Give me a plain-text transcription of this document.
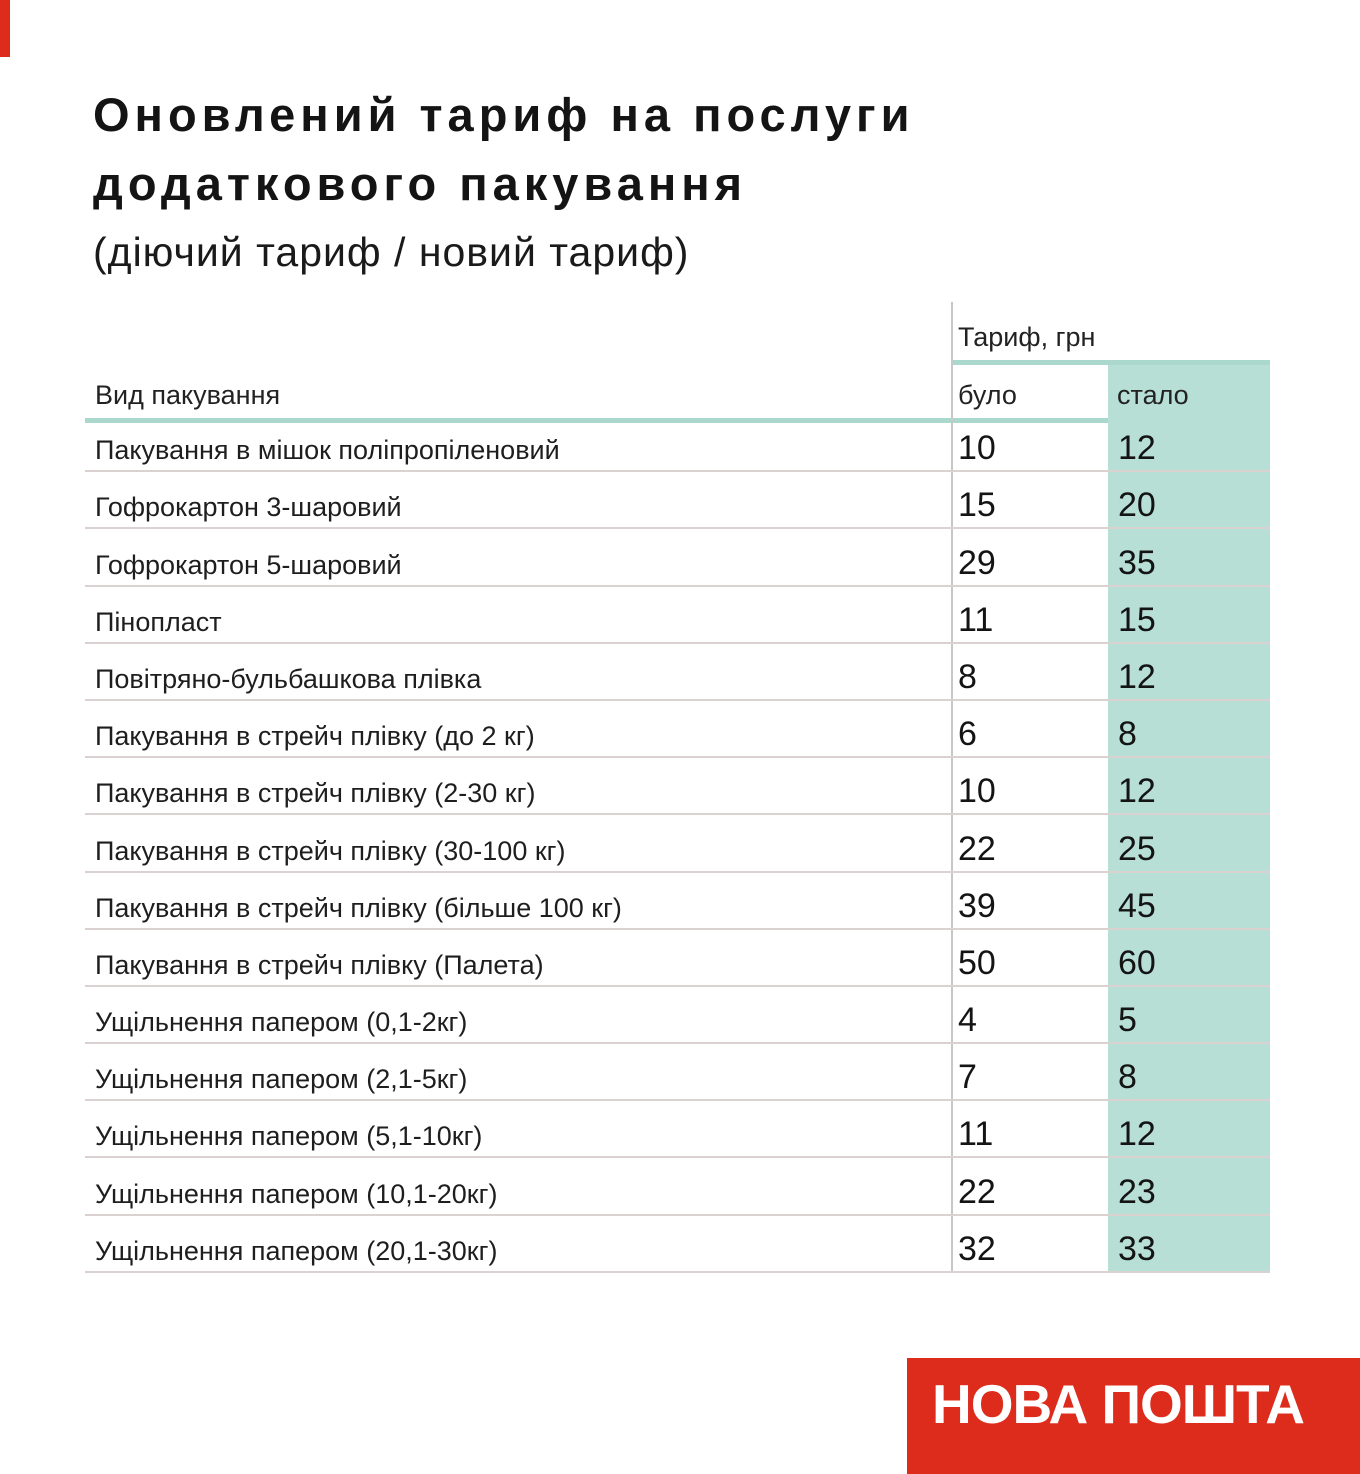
Оновлений тариф на послуги
додаткового пакування
(діючий тариф / новий тариф)
Тариф, грн
Вид пакування	було	стало
Пакування в мішок поліпропіленовий	10	12
Гофрокартон 3-шаровий	15	20
Гофрокартон 5-шаровий	29	35
Пінопласт	11	15
Повітряно-бульбашкова плівка	8	12
Пакування в стрейч плівку (до 2 кг)	6	8
Пакування в стрейч плівку (2-30 кг)	10	12
Пакування в стрейч плівку (30-100 кг)	22	25
Пакування в стрейч плівку (більше 100 кг)	39	45
Пакування в стрейч плівку (Палета)	50	60
Ущільнення папером (0,1-2кг)	4	5
Ущільнення папером (2,1-5кг)	7	8
Ущільнення папером (5,1-10кг)	11	12
Ущільнення папером (10,1-20кг)	22	23
Ущільнення папером (20,1-30кг)	32	33
НОВА ПОШТА
